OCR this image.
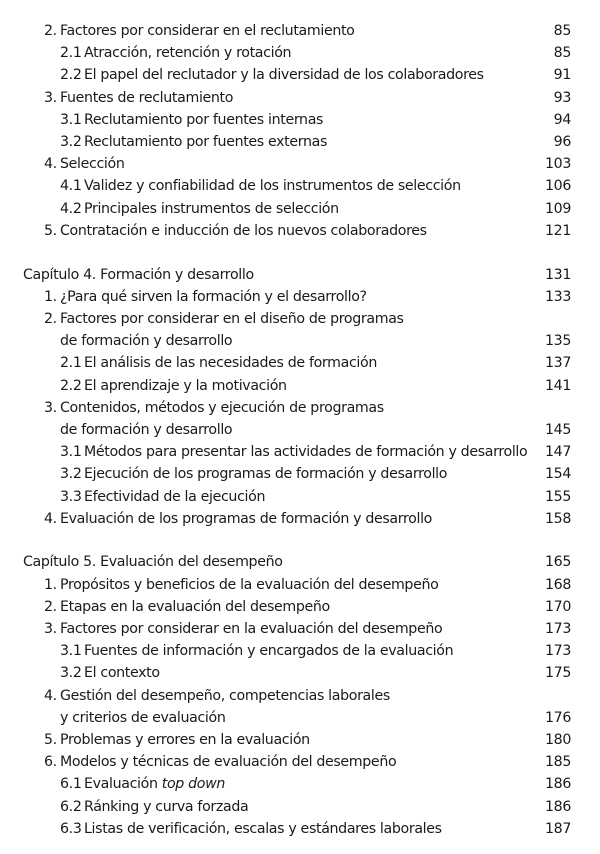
2. Factores por considerar en el reclutamiento	85
2.1 Atracción, retención y rotación	85
2.2 El papel del reclutador y la diversidad de los colaboradores	91
3. Fuentes de reclutamiento	93
3.1 Reclutamiento por fuentes internas	94
3.2 Reclutamiento por fuentes externas	96
4. Selección	103
4.1 Validez y confiabilidad de los instrumentos de selección	106
4.2 Principales instrumentos de selección	109
5. Contratación e inducción de los nuevos colaboradores	121
Capítulo 4. Formación y desarrollo	131
1. ¿Para qué sirven la formación y el desarrollo?	133
2. Factores por considerar en el diseño de programas
de formación y desarrollo	135
2.1 El análisis de las necesidades de formación	137
2.2 El aprendizaje y la motivación	141
3. Contenidos, métodos y ejecución de programas
de formación y desarrollo	145
3.1 Métodos para presentar las actividades de formación y desarrollo 147
3.2 Ejecución de los programas de formación y desarrollo	154
3.3 Efectividad de la ejecución	155
4. Evaluación de los programas de formación y desarrollo	158
Capítulo 5. Evaluación del desempeño	165
1. Propósitos y beneficios de la evaluación del desempeño	168
2. Etapas en la evaluación del desempeño	170
3. Factores por considerar en la evaluación del desempeño	173
3.1 Fuentes de información y encargados de la evaluación	173
3.2 El contexto	175
4. Gestión del desempeño, competencias laborales
y criterios de evaluación	176
5. Problemas y errores en la evaluación	180
6. Modelos y técnicas de evaluación del desempeño	185
6.1 Evaluación top down	186
6.2 Ránking y curva forzada	186
6.3 Listas de verificación, escalas y estándares laborales	187
